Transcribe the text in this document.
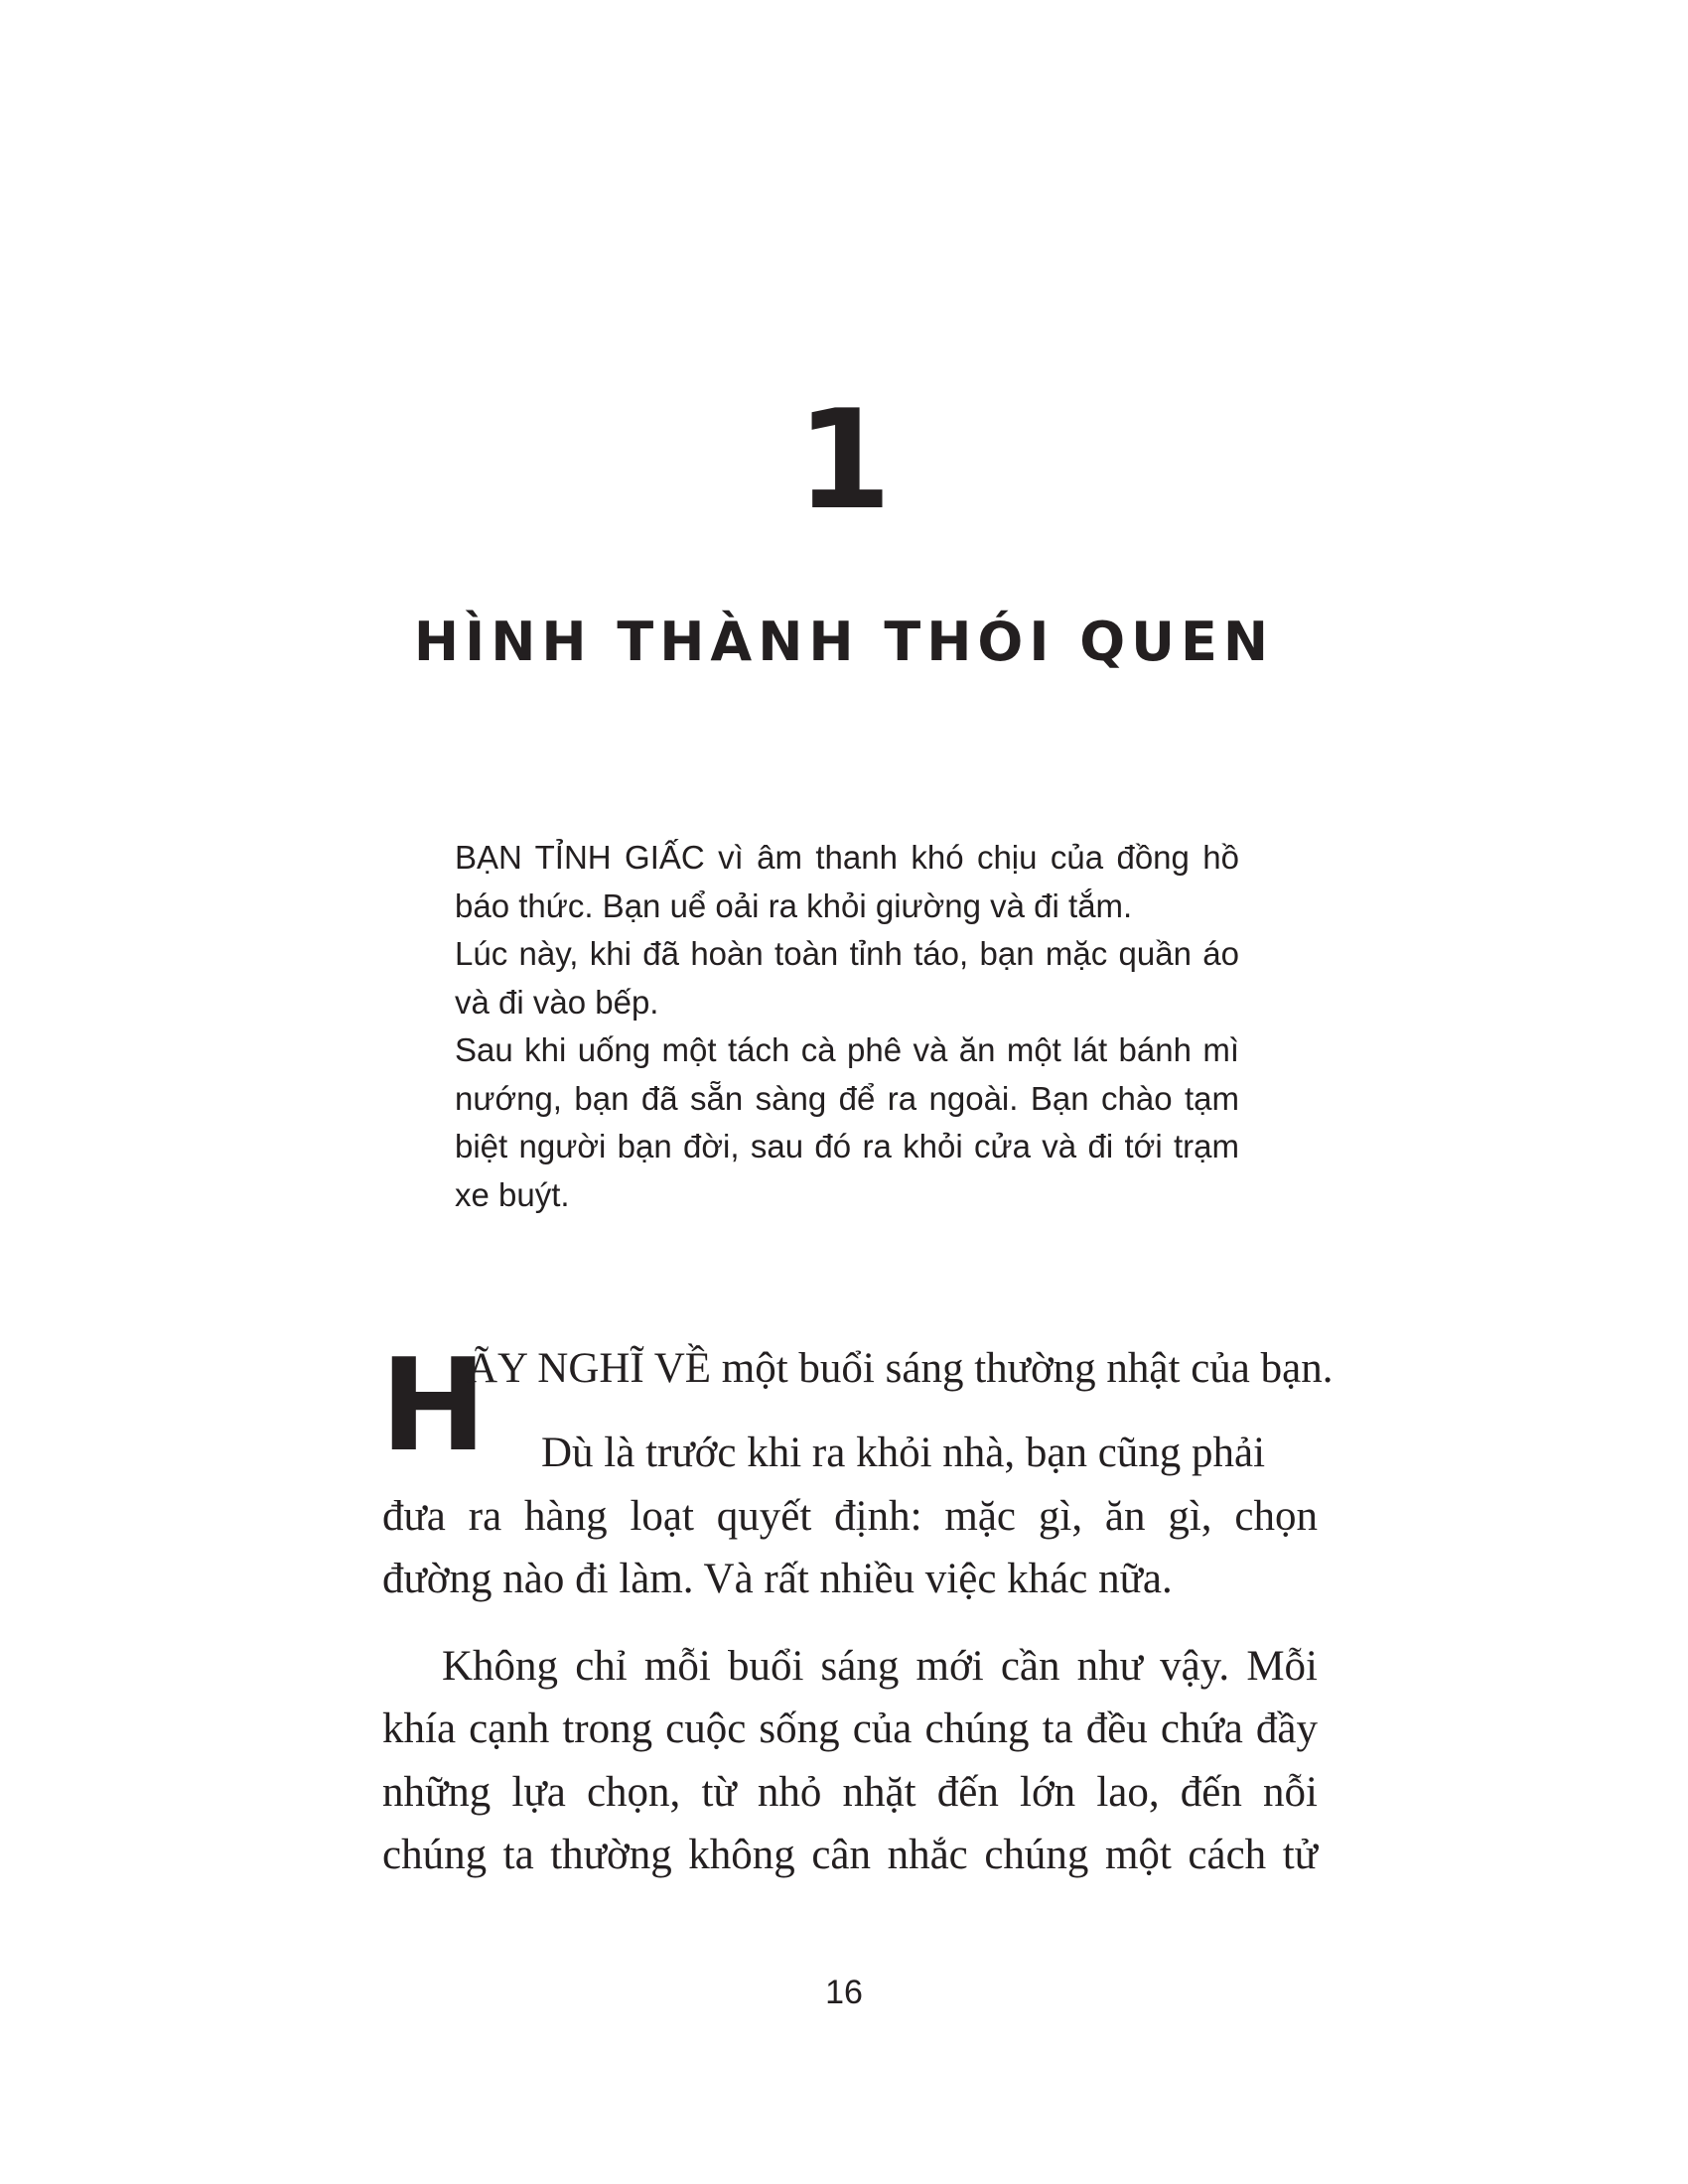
1
HÌNH THÀNH THÓI QUEN
BẠN TỈNH GIẤC vì âm thanh khó chịu của đồng hồ
báo thức. Bạn uể oải ra khỏi giường và đi tắm.
Lúc này, khi đã hoàn toàn tỉnh táo, bạn mặc quần áo
và đi vào bếp.
Sau khi uống một tách cà phê và ăn một lát bánh mì
nướng, bạn đã sẵn sàng để ra ngoài. Bạn chào tạm
biệt người bạn đời, sau đó ra khỏi cửa và đi tới trạm
xe buýt.
H
ÃY NGHĨ VỀ một buổi sáng thường nhật của bạn.
Dù là trước khi ra khỏi nhà, bạn cũng phải
đưa ra hàng loạt quyết định: mặc gì, ăn gì, chọn
đường nào đi làm. Và rất nhiều việc khác nữa.
Không chỉ mỗi buổi sáng mới cần như vậy. Mỗi
khía cạnh trong cuộc sống của chúng ta đều chứa đầy
những lựa chọn, từ nhỏ nhặt đến lớn lao, đến nỗi
chúng ta thường không cân nhắc chúng một cách tử
16
